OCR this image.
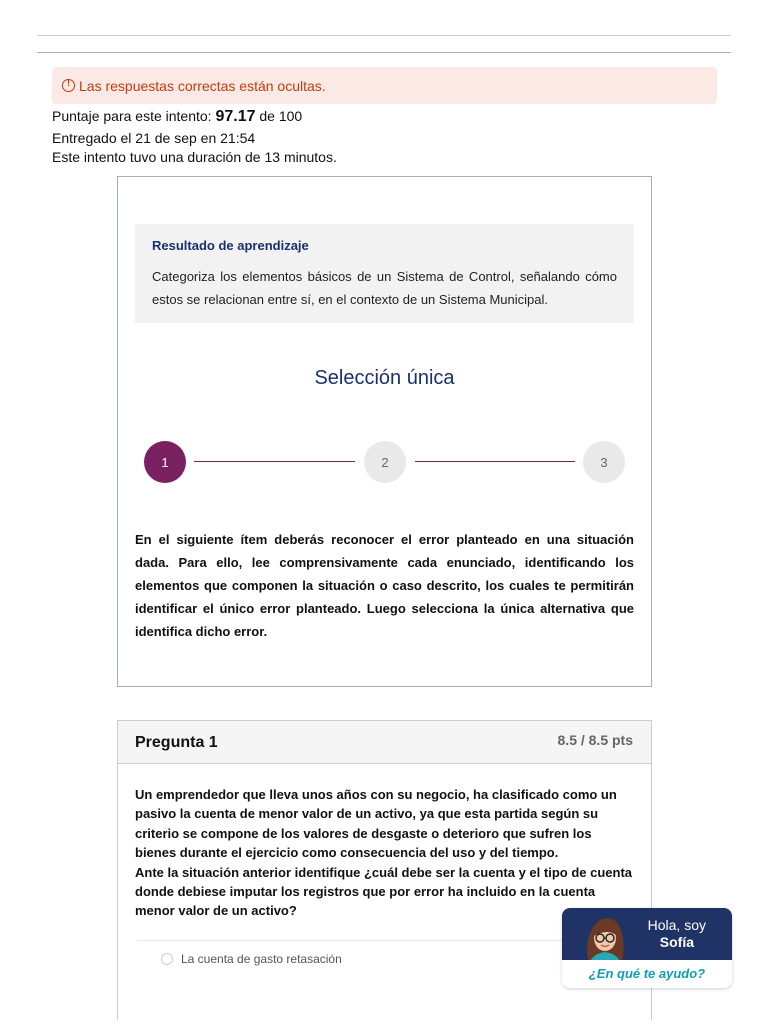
!
Las respuestas correctas están ocultas.
Puntaje para este intento: 97.17 de 100
Entregado el 21 de sep en 21:54
Este intento tuvo una duración de 13 minutos.
Resultado de aprendizaje

Categoriza los elementos básicos de un Sistema de Control, señalando cómo estos se relacionan entre sí, en el contexto de un Sistema Municipal.

Selección única
1	2	3

En el siguiente ítem deberás reconocer el error planteado en una situación dada. Para ello, lee comprensivamente cada enunciado, identificando los elementos que componen la situación o caso descrito, los cuales te permitirán identificar el único error planteado. Luego selecciona la única alternativa que identifica dicho error.

Pregunta 1	8.5 / 8.5 pts
Un emprendedor que lleva unos años con su negocio, ha clasificado como un pasivo la cuenta de menor valor de un activo, ya que esta partida según su criterio se compone de los valores de desgaste o deterioro que sufren los bienes durante el ejercicio como consecuencia del uso y del tiempo.
Ante la situación anterior identifique ¿cuál debe ser la cuenta y el tipo de cuenta donde debiese imputar los registros que por error ha incluido en la cuenta menor valor de un activo?
La cuenta de gasto retasación
Hola, soy
Sofía
¿En qué te ayudo?
